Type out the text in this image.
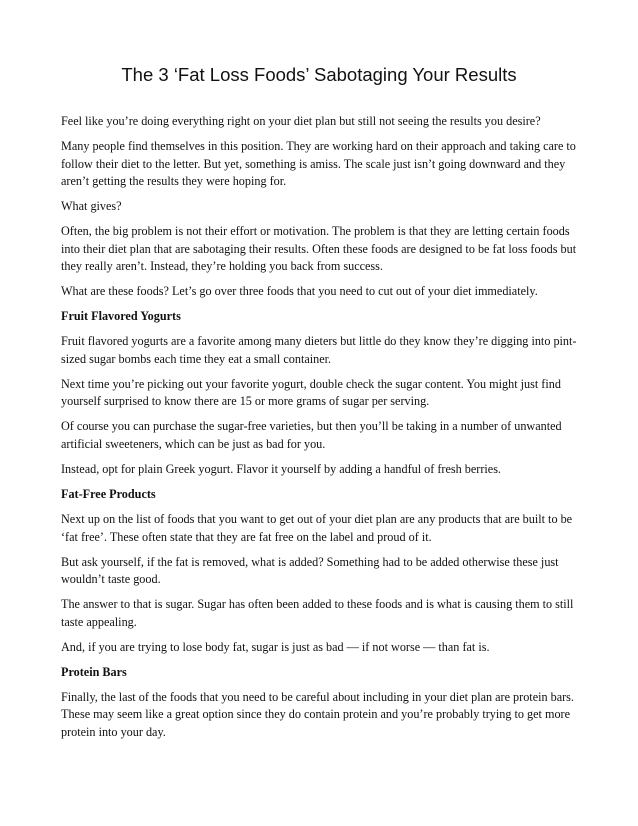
The 3 ‘Fat Loss Foods’ Sabotaging Your Results

Feel like you’re doing everything right on your diet plan but still not seeing the results you desire?

Many people find themselves in this position. They are working hard on their approach and taking care to follow their diet to the letter. But yet, something is amiss. The scale just isn’t going downward and they aren’t getting the results they were hoping for.

What gives?

Often, the big problem is not their effort or motivation. The problem is that they are letting certain foods into their diet plan that are sabotaging their results. Often these foods are designed to be fat loss foods but they really aren’t. Instead, they’re holding you back from success.

What are these foods? Let’s go over three foods that you need to cut out of your diet immediately.

Fruit Flavored Yogurts

Fruit flavored yogurts are a favorite among many dieters but little do they know they’re digging into pint-sized sugar bombs each time they eat a small container.

Next time you’re picking out your favorite yogurt, double check the sugar content. You might just find yourself surprised to know there are 15 or more grams of sugar per serving.

Of course you can purchase the sugar-free varieties, but then you’ll be taking in a number of unwanted artificial sweeteners, which can be just as bad for you.

Instead, opt for plain Greek yogurt. Flavor it yourself by adding a handful of fresh berries.

Fat-Free Products

Next up on the list of foods that you want to get out of your diet plan are any products that are built to be ‘fat free’. These often state that they are fat free on the label and proud of it.

But ask yourself, if the fat is removed, what is added? Something had to be added otherwise these just wouldn’t taste good.

The answer to that is sugar. Sugar has often been added to these foods and is what is causing them to still taste appealing.

And, if you are trying to lose body fat, sugar is just as bad — if not worse — than fat is.

Protein Bars

Finally, the last of the foods that you need to be careful about including in your diet plan are protein bars. These may seem like a great option since they do contain protein and you’re probably trying to get more protein into your day.
